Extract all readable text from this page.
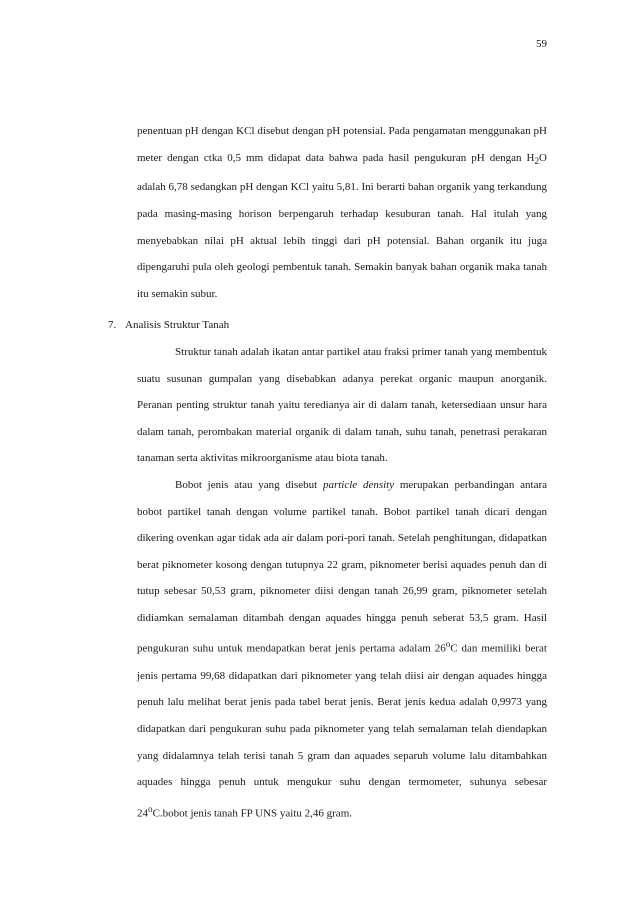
59

penentuan pH dengan KCl disebut dengan pH potensial. Pada pengamatan menggunakan pH meter dengan ctka 0,5 mm didapat data bahwa pada hasil pengukuran pH dengan $H_2O$ adalah 6,78 sedangkan pH dengan KCl yaitu 5,81. Ini berarti bahan organik yang terkandung pada masing-masing horison berpengaruh terhadap kesuburan tanah. Hal itulah yang menyebabkan nilai pH aktual lebih tinggi dari pH potensial. Bahan organik itu juga dipengaruhi pula oleh geologi pembentuk tanah. Semakin banyak bahan organik maka tanah itu semakin subur.

7. Analisis Struktur Tanah

Struktur tanah adalah ikatan antar partikel atau fraksi primer tanah yang membentuk suatu susunan gumpalan yang disebabkan adanya perekat organic maupun anorganik. Peranan penting struktur tanah yaitu teredianya air di dalam tanah, ketersediaan unsur hara dalam tanah, perombakan material organik di dalam tanah, suhu tanah, penetrasi perakaran tanaman serta aktivitas mikroorganisme atau biota tanah.

Bobot jenis atau yang disebut particle density merupakan perbandingan antara bobot partikel tanah dengan volume partikel tanah. Bobot partikel tanah dicari dengan dikering ovenkan agar tidak ada air dalam pori-pori tanah. Setelah penghitungan, didapatkan berat piknometer kosong dengan tutupnya 22 gram, piknometer berisi aquades penuh dan di tutup sebesar 50,53 gram, piknometer diisi dengan tanah 26,99 gram, piknometer setelah didiamkan semalaman ditambah dengan aquades hingga penuh seberat 53,5 gram. Hasil pengukuran suhu untuk mendapatkan berat jenis pertama adalam 26$^o$C dan memiliki berat jenis pertama 99,68 didapatkan dari piknometer yang telah diisi air dengan aquades hingga penuh lalu melihat berat jenis pada tabel berat jenis. Berat jenis kedua adalah 0,9973 yang didapatkan dari pengukuran suhu pada piknometer yang telah semalaman telah diendapkan yang didalamnya telah terisi tanah 5 gram dan aquades separuh volume lalu ditambahkan aquades hingga penuh untuk mengukur suhu dengan termometer, suhunya sebesar 24$^o$C.bobot jenis tanah FP UNS yaitu 2,46 gram.
